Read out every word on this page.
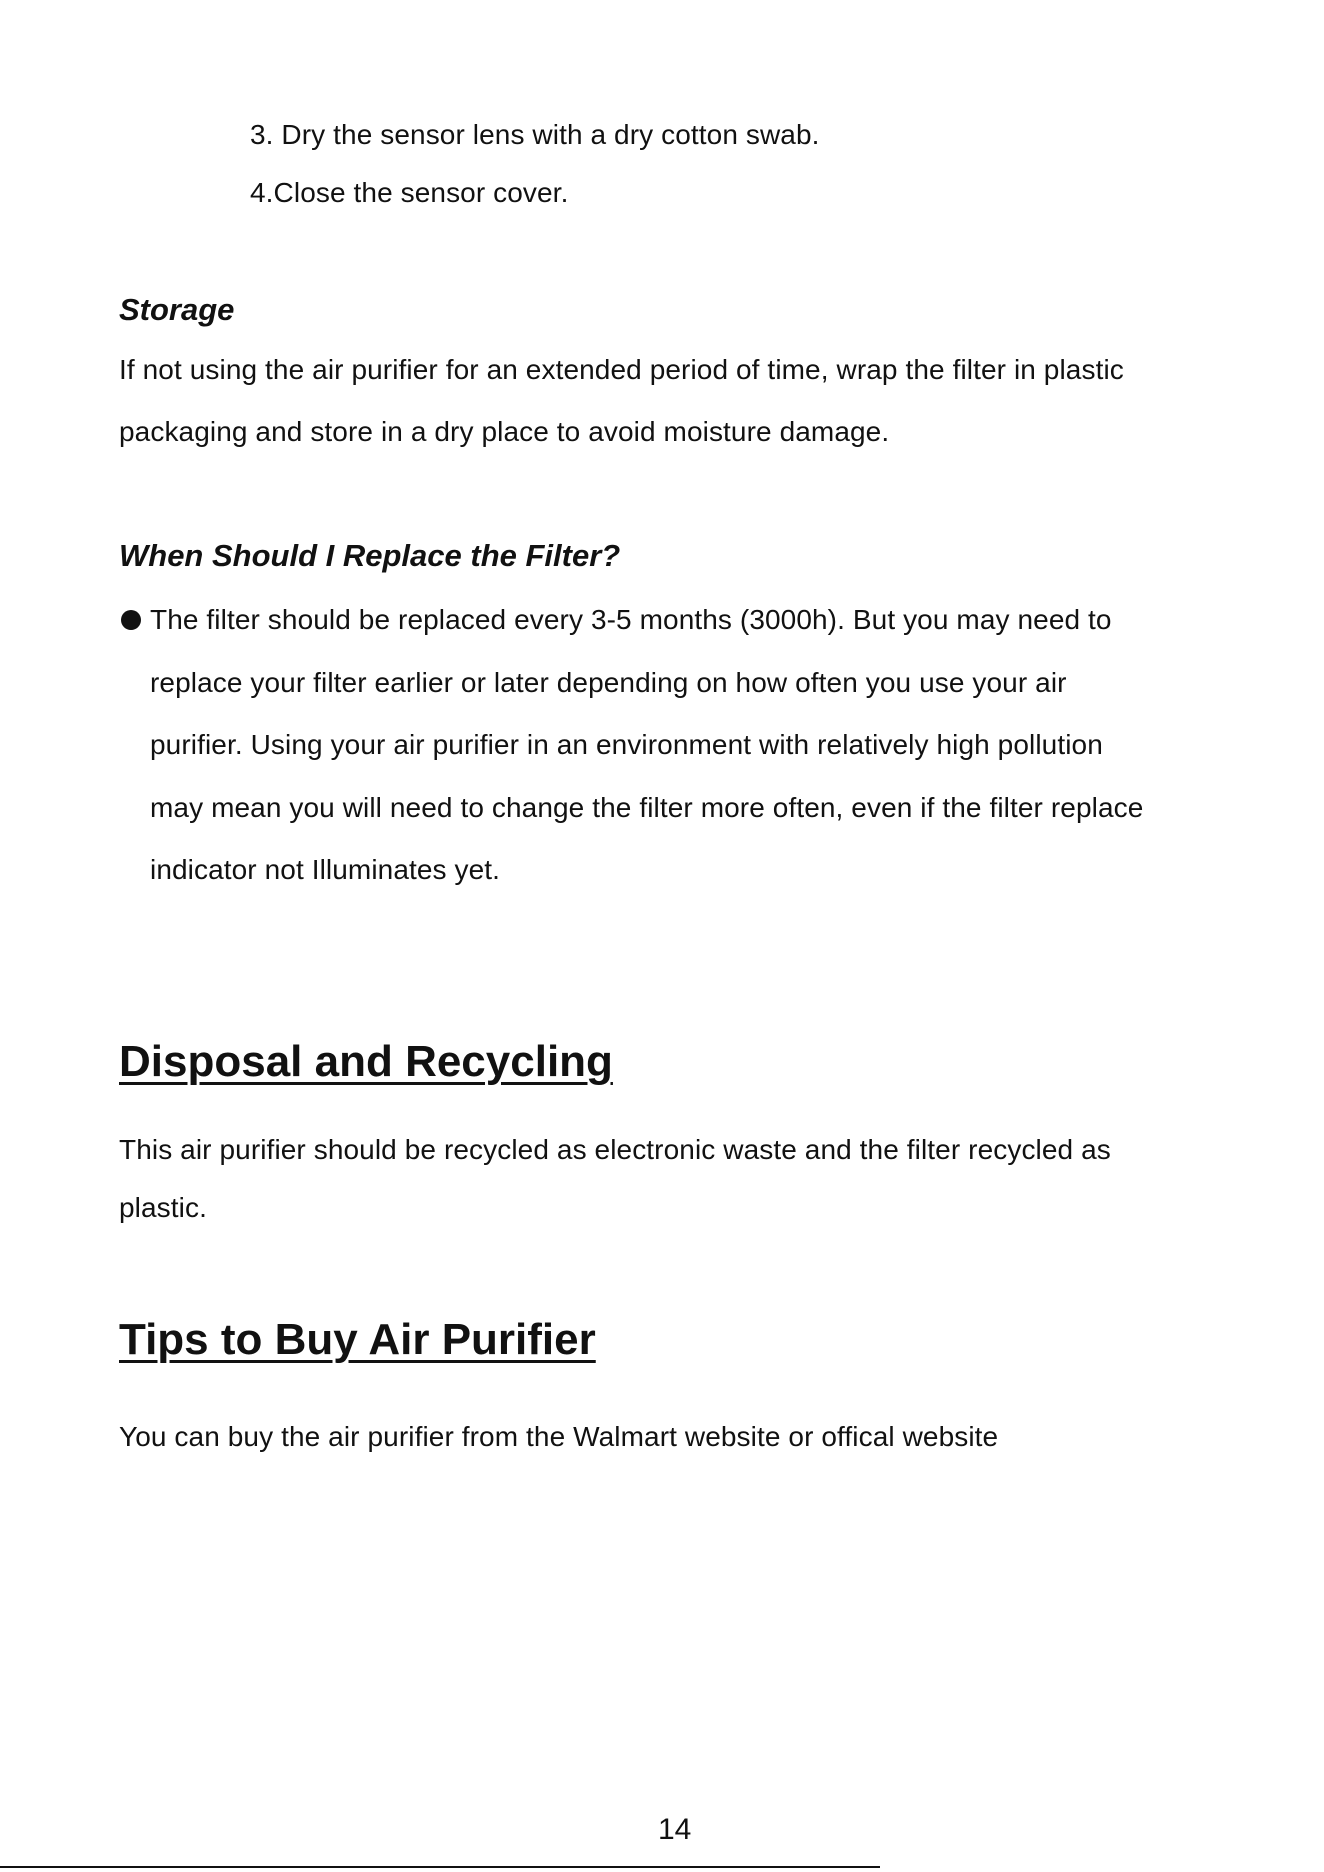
3. Dry the sensor lens with a dry cotton swab.
4.Close the sensor cover.
Storage
If not using the air purifier for an extended period of time, wrap the filter in plastic
packaging and store in a dry place to avoid moisture damage.
When Should I Replace the Filter?
The filter should be replaced every 3-5 months (3000h). But you may need to
replace your filter earlier or later depending on how often you use your air
purifier. Using your air purifier in an environment with relatively high pollution
may mean you will need to change the filter more often, even if the filter replace
indicator not Illuminates yet.
Disposal and Recycling
This air purifier should be recycled as electronic waste and the filter recycled as
plastic.
Tips to Buy Air Purifier
You can buy the air purifier from the Walmart website or offical website
14
